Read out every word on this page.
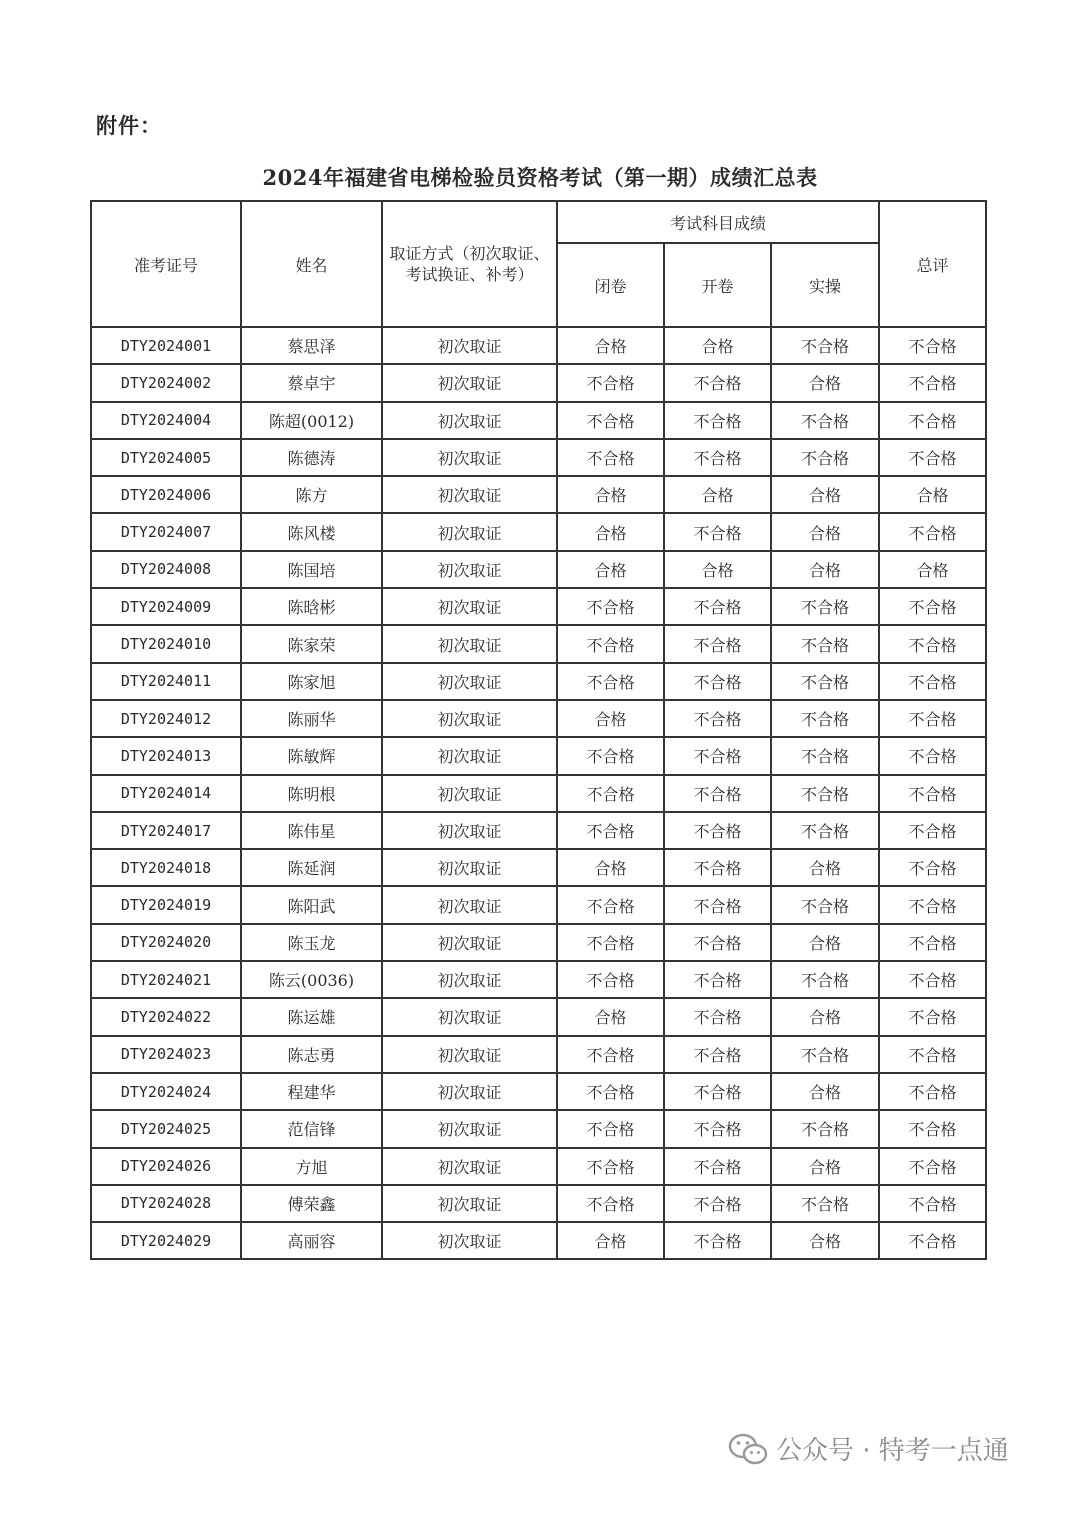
附件：
2024年福建省电梯检验员资格考试（第一期）成绩汇总表
准考证号	姓名	取证方式（初次取证、考试换证、补考）	考试科目成绩			总评
			闭卷	开卷	实操	
DTY2024001	蔡思泽	初次取证	合格	合格	不合格	不合格
DTY2024002	蔡卓宇	初次取证	不合格	不合格	合格	不合格
DTY2024004	陈超(0012)	初次取证	不合格	不合格	不合格	不合格
DTY2024005	陈德涛	初次取证	不合格	不合格	不合格	不合格
DTY2024006	陈方	初次取证	合格	合格	合格	合格
DTY2024007	陈风楼	初次取证	合格	不合格	合格	不合格
DTY2024008	陈国培	初次取证	合格	合格	合格	合格
DTY2024009	陈晗彬	初次取证	不合格	不合格	不合格	不合格
DTY2024010	陈家荣	初次取证	不合格	不合格	不合格	不合格
DTY2024011	陈家旭	初次取证	不合格	不合格	不合格	不合格
DTY2024012	陈丽华	初次取证	合格	不合格	不合格	不合格
DTY2024013	陈敏辉	初次取证	不合格	不合格	不合格	不合格
DTY2024014	陈明根	初次取证	不合格	不合格	不合格	不合格
DTY2024017	陈伟星	初次取证	不合格	不合格	不合格	不合格
DTY2024018	陈延润	初次取证	合格	不合格	合格	不合格
DTY2024019	陈阳武	初次取证	不合格	不合格	不合格	不合格
DTY2024020	陈玉龙	初次取证	不合格	不合格	合格	不合格
DTY2024021	陈云(0036)	初次取证	不合格	不合格	不合格	不合格
DTY2024022	陈运雄	初次取证	合格	不合格	合格	不合格
DTY2024023	陈志勇	初次取证	不合格	不合格	不合格	不合格
DTY2024024	程建华	初次取证	不合格	不合格	合格	不合格
DTY2024025	范信锋	初次取证	不合格	不合格	不合格	不合格
DTY2024026	方旭	初次取证	不合格	不合格	合格	不合格
DTY2024028	傅荣鑫	初次取证	不合格	不合格	不合格	不合格
DTY2024029	高丽容	初次取证	合格	不合格	合格	不合格
公众号 · 特考一点通
